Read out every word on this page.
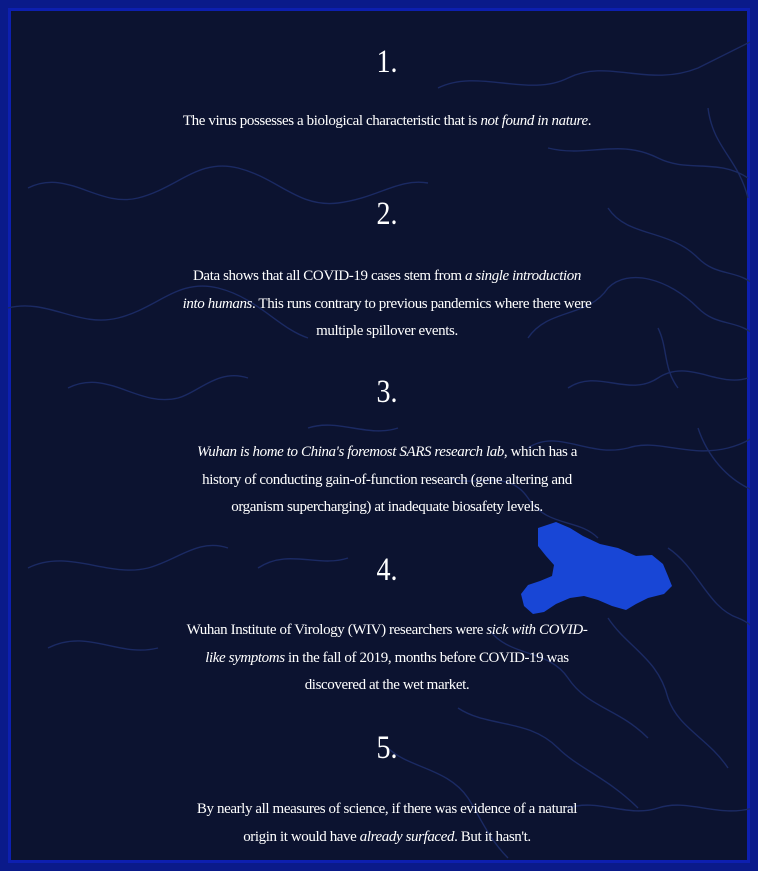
1.
The virus possesses a biological characteristic that is not found in nature.
2.
Data shows that all COVID-19 cases stem from a single introduction into humans. This runs contrary to previous pandemics where there were multiple spillover events.
3.
Wuhan is home to China's foremost SARS research lab, which has a history of conducting gain-of-function research (gene altering and organism supercharging) at inadequate biosafety levels.
4.
Wuhan Institute of Virology (WIV) researchers were sick with COVID-like symptoms in the fall of 2019, months before COVID-19 was discovered at the wet market.
5.
By nearly all measures of science, if there was evidence of a natural origin it would have already surfaced. But it hasn't.
